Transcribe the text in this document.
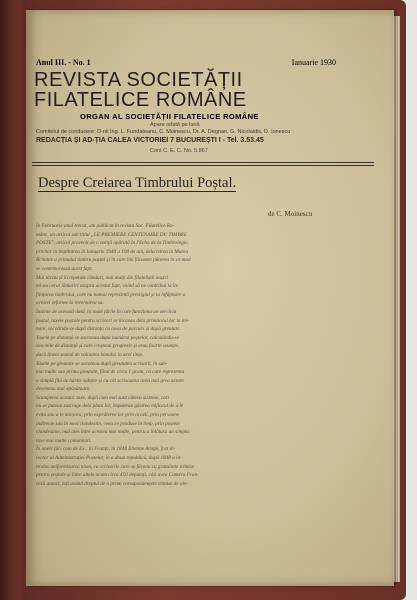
Anul III. - No. 1	Ianuarie 1930
REVISTA SOCIETĂȚII
FILATELICE ROMÂNE
ORGAN AL SOCIETĂȚII FILATELICE ROMÂNE
Apare odată pe lună
Comitetul de conducere: D-nii Ing. L. Fundateanu, C. Moinescu, Dr. A. Degnan, G. Nicolaidis, D. Ionescu
REDACȚIA ȘI AD-ȚIA CALEA VICTORIEI 7 BUCUREȘTI I - Tel. 3.53.45
Cont C. E. C. No. 5.867
Despre Creiarea Timbrului Poștal.
de C. Moinescu
In Februarie anul trecut, am publicat în revista Soc. Filatelice Ro-
mâne, un articol sub titlul „LE PREMIERE CENTENAIRE DU TIMBRE
POSTE", articol provenit de o notiță apărută în l'Echo de la Timbrologie,
privitor la împlinirea în Ianuarie 1940 a 100 de ani, dela ivirea în Marea
Britanie a primului timbru poștal și în care îmi făcusem părerea în ce mod
se comemorează acest fapt.
Mai târziu și în repetate rânduri, mai mulți din filateliștii noștri
mi-au cerut lămuriri asupra acestui fapt, voind să ne contribui la în-
ființarea timbrului, care nu numai reprezintă prestigiul și la înfăptuire a
acestei reforme la inventarea sa.
Înainte de această dată, în toate țările în care funcționa un serviciu
poștal, taxele poștale pentru scrisori se încasau dela primitorul lor la mi-
nare, socotindu-se după distanța cu avea de parcurs și după greutate.
Taxele pe distanță se socoteau după numărul poștelor, calculându-se
sau mile de distanță și care creșteau progresiv și erau foarte scumpe,
dacă ținem seamă de valoarea banului la acel timp.
Taxele pe greutate se socoteau după greutatea scrisorii, în sub-
mai multe sau prima greutate, fiind de circa 1 gram, cu care reprezenta
o simplă filă de hârtie subțire și cu cât scrisoarea avea mai grea aceste
deveneau mai apăsătoare.
Scumpetea acestor taxe, după cum mai sunt câteva sisteme, cari
nu se puteau sustrage dela plata lor, impuneau găsirea mijlocul de a le
evita sau a le micșora, prin expedierea lor prin ocazii, prin persoane
indirecte sau în mod clandestin, ceea ce produse în timp, prin poștele
clandestine, mai ales între acestea mai multe, pentru a înlătura un simplu
taxe mai multe comunitati.
În unele țări cum de Ex.: în Franța, în 1848 Etienne Arago, fost di-
rector al Administrației Poștelor, în a doua republică, după 1848 a in-
trodus uniformizarea taxei, cu scrisorile care se făceau cu gratuitate trimise
pentru poștale și între altele acum circa 450 deputați, câți avea Camera Fran-
ceză atunci, toți având dreptul de a primi corespondențele trimise de ale-
